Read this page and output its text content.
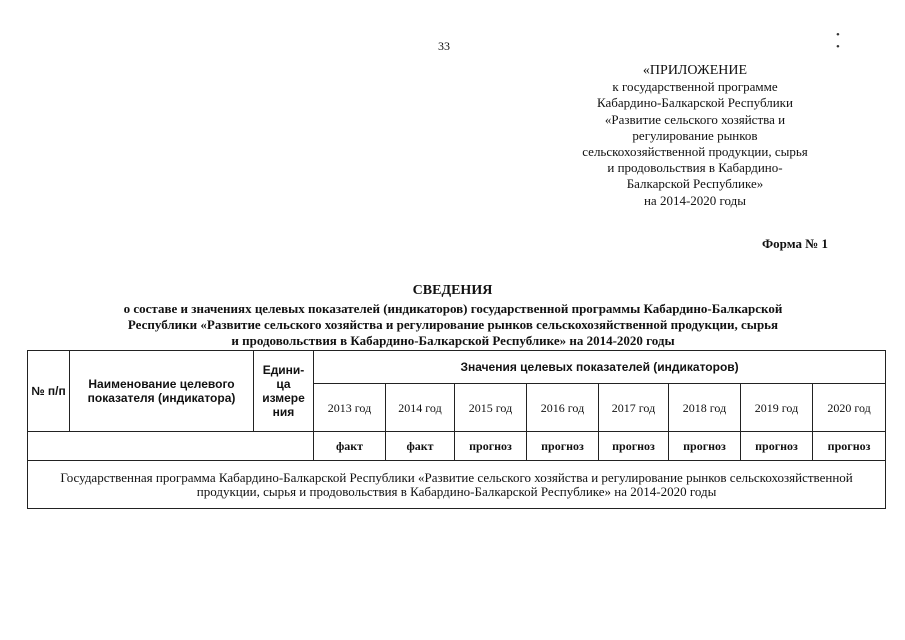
33
• •
«ПРИЛОЖЕНИЕ
к государственной программе
Кабардино-Балкарской Республики
«Развитие сельского хозяйства и
регулирование рынков
сельскохозяйственной продукции, сырья
и продовольствия в Кабардино-
Балкарской Республике»
на 2014-2020 годы
Форма № 1
СВЕДЕНИЯ
о составе и значениях целевых показателей (индикаторов) государственной программы Кабардино-Балкарской
Республики «Развитие сельского хозяйства и регулирование рынков сельскохозяйственной продукции, сырья
и продовольствия в Кабардино-Балкарской Республике» на 2014-2020 годы
№ п/п	Наименование целевого показателя (индикатора)	Едини-ца измере ния	Значения целевых показателей (индикаторов)							
			2013 год	2014 год	2015 год	2016 год	2017 год	2018 год	2019 год	2020 год
			факт	факт	прогноз	прогноз	прогноз	прогноз	прогноз	прогноз
Государственная программа Кабардино-Балкарской Республики «Развитие сельского хозяйства и регулирование рынков сельскохозяйственной продукции, сырья и продовольствия в Кабардино-Балкарской Республике» на 2014-2020 годы										
